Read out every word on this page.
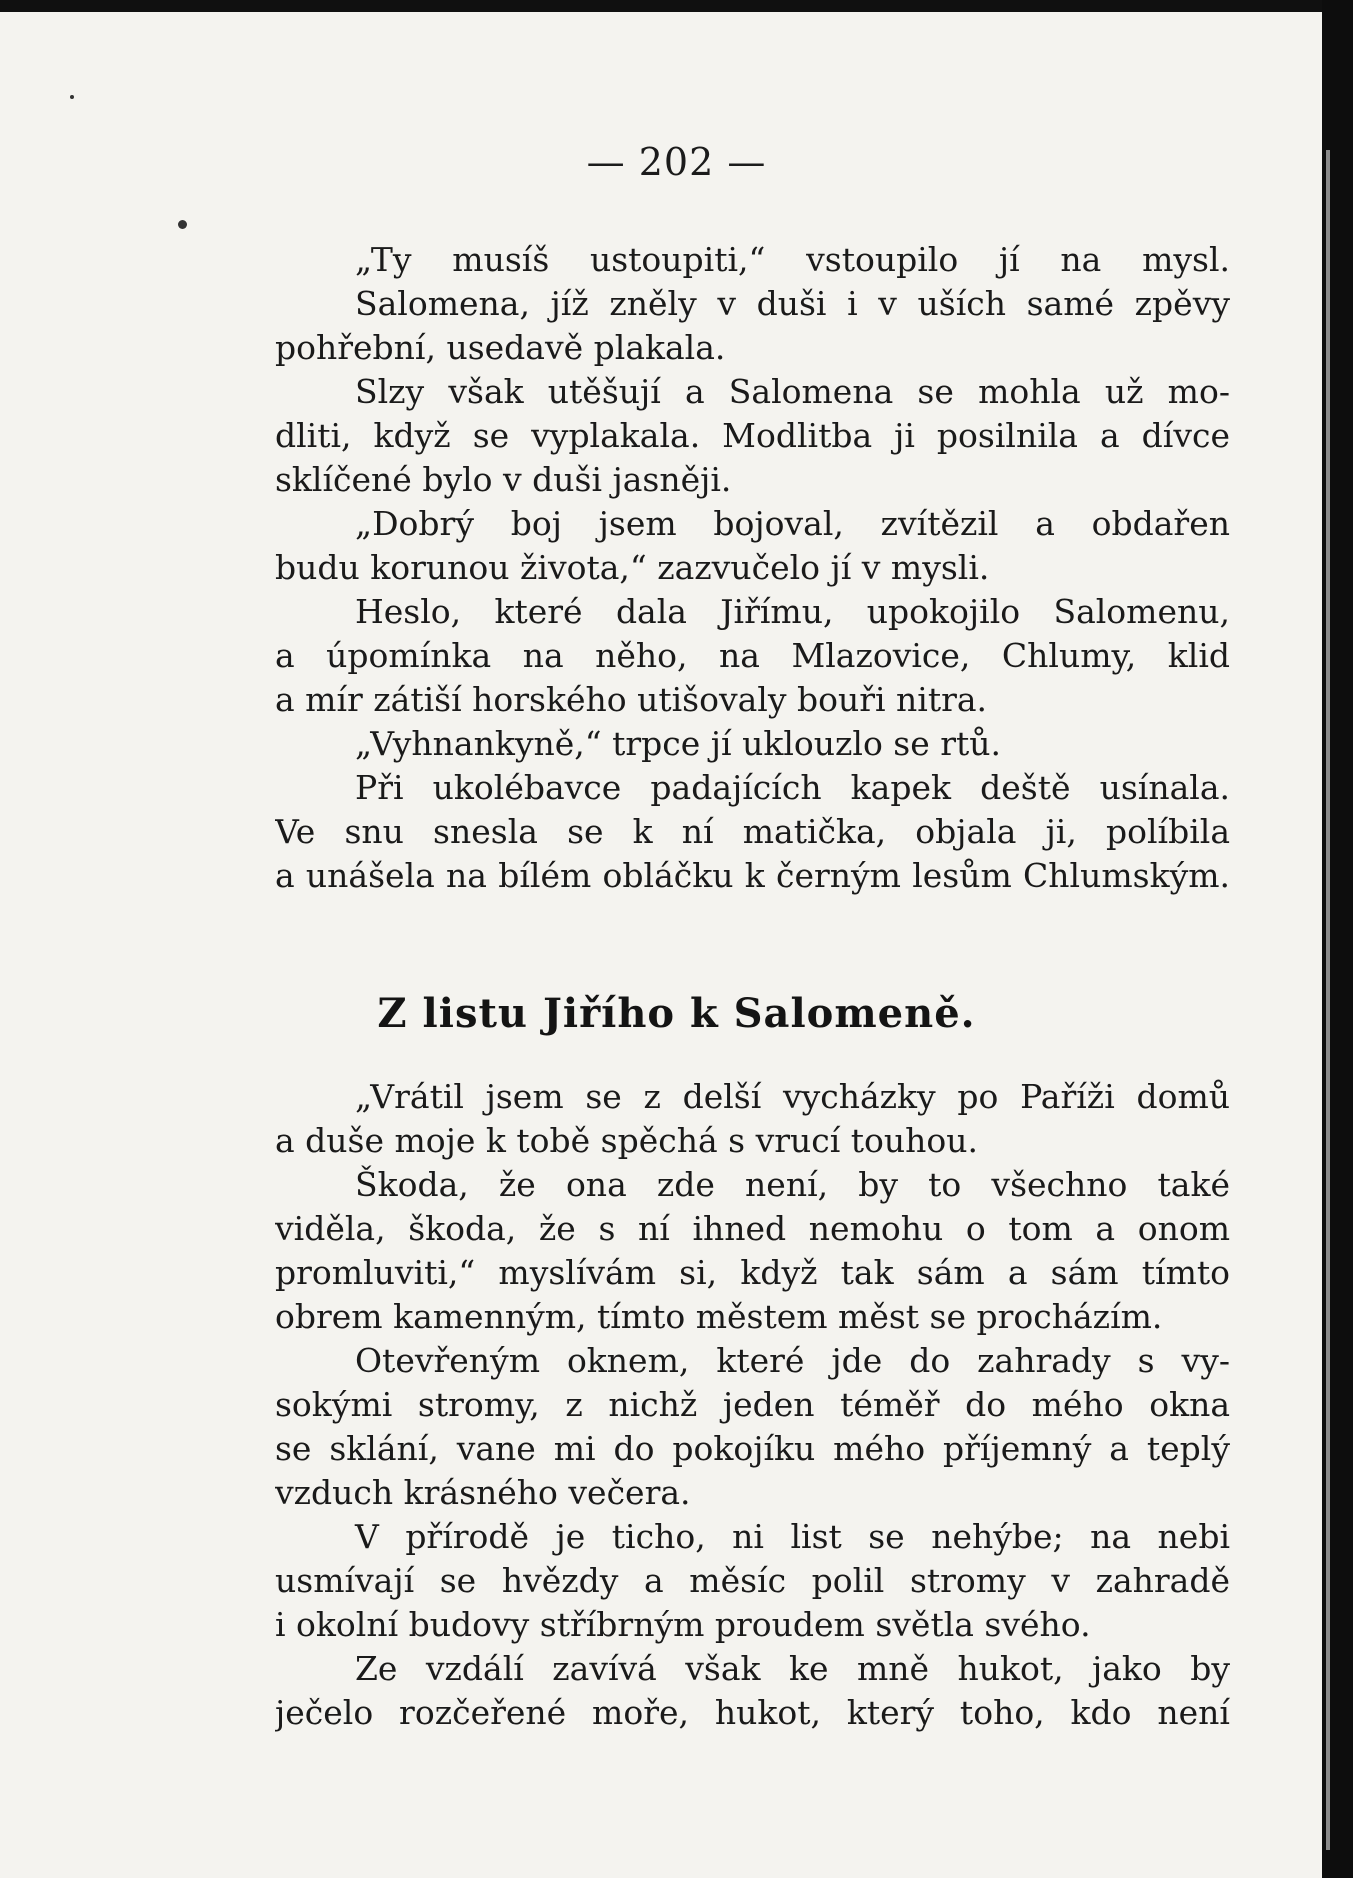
— 202 —
„Ty musíš ustoupiti,“ vstoupilo jí na mysl.
Salomena, jíž zněly v duši i v uších samé zpěvy
pohřební, usedavě plakala.
Slzy však utěšují a Salomena se mohla už mo-
dliti, když se vyplakala. Modlitba ji posilnila a dívce
sklíčené bylo v duši jasněji.
„Dobrý boj jsem bojoval, zvítězil a obdařen
budu korunou života,“ zazvučelo jí v mysli.
Heslo, které dala Jiřímu, upokojilo Salomenu,
a úpomínka na něho, na Mlazovice, Chlumy, klid
a mír zátiší horského utišovaly bouři nitra.
„Vyhnankyně,“ trpce jí uklouzlo se rtů.
Při ukolébavce padajících kapek deště usínala.
Ve snu snesla se k ní matička, objala ji, políbila
a unášela na bílém obláčku k černým lesům Chlumským.
Z listu Jiřího k Salomeně.
„Vrátil jsem se z delší vycházky po Paříži domů
a duše moje k tobě spěchá s vrucí touhou.
Škoda, že ona zde není, by to všechno také
viděla, škoda, že s ní ihned nemohu o tom a onom
promluviti,“ myslívám si, když tak sám a sám tímto
obrem kamenným, tímto městem měst se procházím.
Otevřeným oknem, které jde do zahrady s vy-
sokými stromy, z nichž jeden téměř do mého okna
se sklání, vane mi do pokojíku mého příjemný a teplý
vzduch krásného večera.
V přírodě je ticho, ni list se nehýbe; na nebi
usmívají se hvězdy a měsíc polil stromy v zahradě
i okolní budovy stříbrným proudem světla svého.
Ze vzdálí zavívá však ke mně hukot, jako by
ječelo rozčeřené moře, hukot, který toho, kdo není
